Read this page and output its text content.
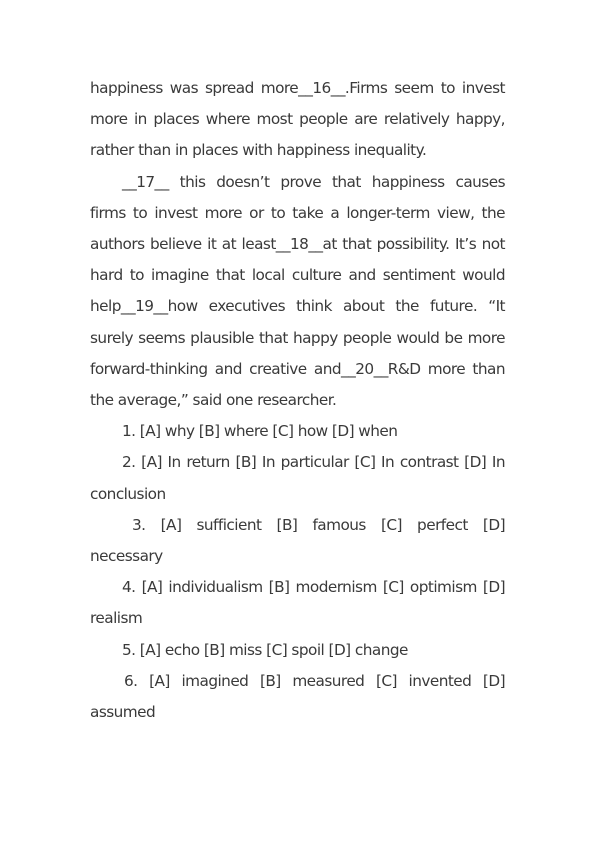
happiness was spread more__16__.Firms seem to invest more in places where most people are relatively happy, rather than in places with happiness inequality.

__17__ this doesn’t prove that happiness causes firms to invest more or to take a longer-term view, the authors believe it at least__18__at that possibility. It’s not hard to imagine that local culture and sentiment would help__19__how executives think about the future. “It surely seems plausible that happy people would be more forward-thinking and creative and__20__R&D more than the average,” said one researcher.

1. [A] why [B] where [C] how [D] when

2. [A] In return [B] In particular [C] In contrast [D] In conclusion

3. [A] sufficient [B] famous [C] perfect [D] necessary

4. [A] individualism [B] modernism [C] optimism [D] realism

5. [A] echo [B] miss [C] spoil [D] change

6. [A] imagined [B] measured [C] invented [D] assumed
